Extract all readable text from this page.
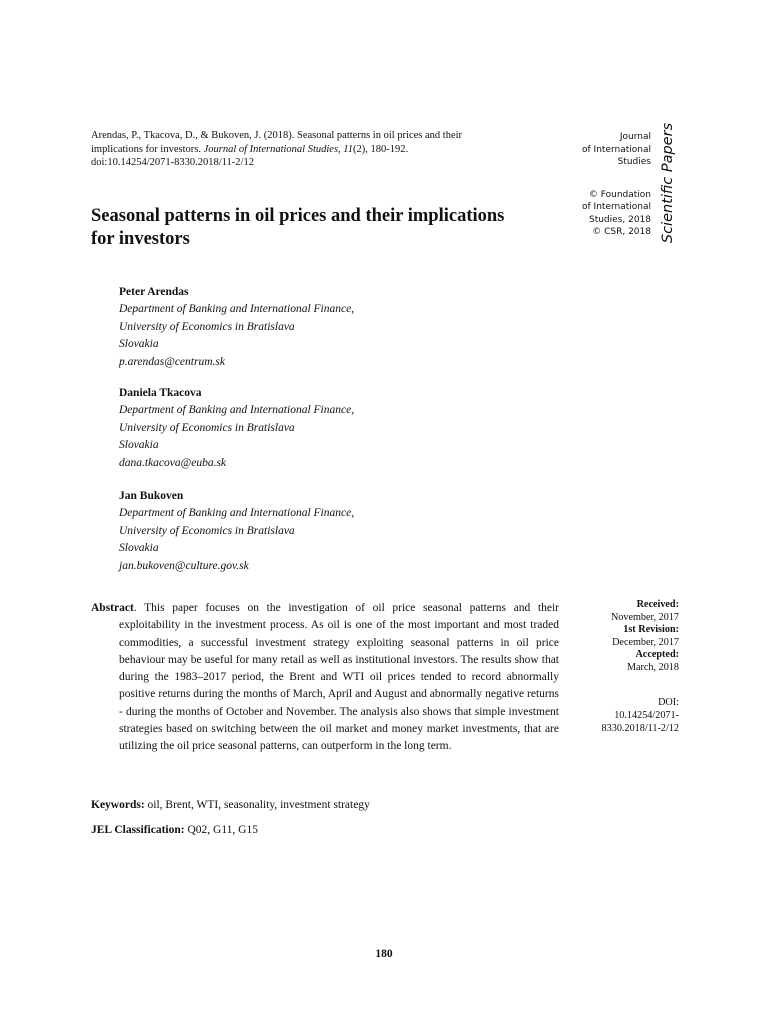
Arendas, P., Tkacova, D., & Bukoven, J. (2018). Seasonal patterns in oil prices and their implications for investors. Journal of International Studies, 11(2), 180-192.
doi:10.14254/2071-8330.2018/11-2/12
Journal
of International
Studies
© Foundation
of International
Studies, 2018
© CSR, 2018 Scientific Papers
Seasonal patterns in oil prices and their implications for investors
Peter Arendas
Department of Banking and International Finance,
University of Economics in Bratislava
Slovakia
p.arendas@centrum.sk
Daniela Tkacova
Department of Banking and International Finance,
University of Economics in Bratislava
Slovakia
dana.tkacova@euba.sk
Jan Bukoven
Department of Banking and International Finance,
University of Economics in Bratislava
Slovakia
jan.bukoven@culture.gov.sk
Abstract. This paper focuses on the investigation of oil price seasonal patterns and their exploitability in the investment process. As oil is one of the most important and most traded commodities, a successful investment strategy exploiting seasonal patterns in oil price behaviour may be useful for many retail as well as institutional investors. The results show that during the 1983–2017 period, the Brent and WTI oil prices tended to record abnormally positive returns during the months of March, April and August and abnormally negative returns - during the months of October and November. The analysis also shows that simple investment strategies based on switching between the oil market and money market investments, that are utilizing the oil price seasonal patterns, can outperform in the long term.
Received:
November, 2017
1st Revision:
December, 2017
Accepted:
March, 2018
DOI:
10.14254/2071-
8330.2018/11-2/12
Keywords: oil, Brent, WTI, seasonality, investment strategy
JEL Classification: Q02, G11, G15
180
